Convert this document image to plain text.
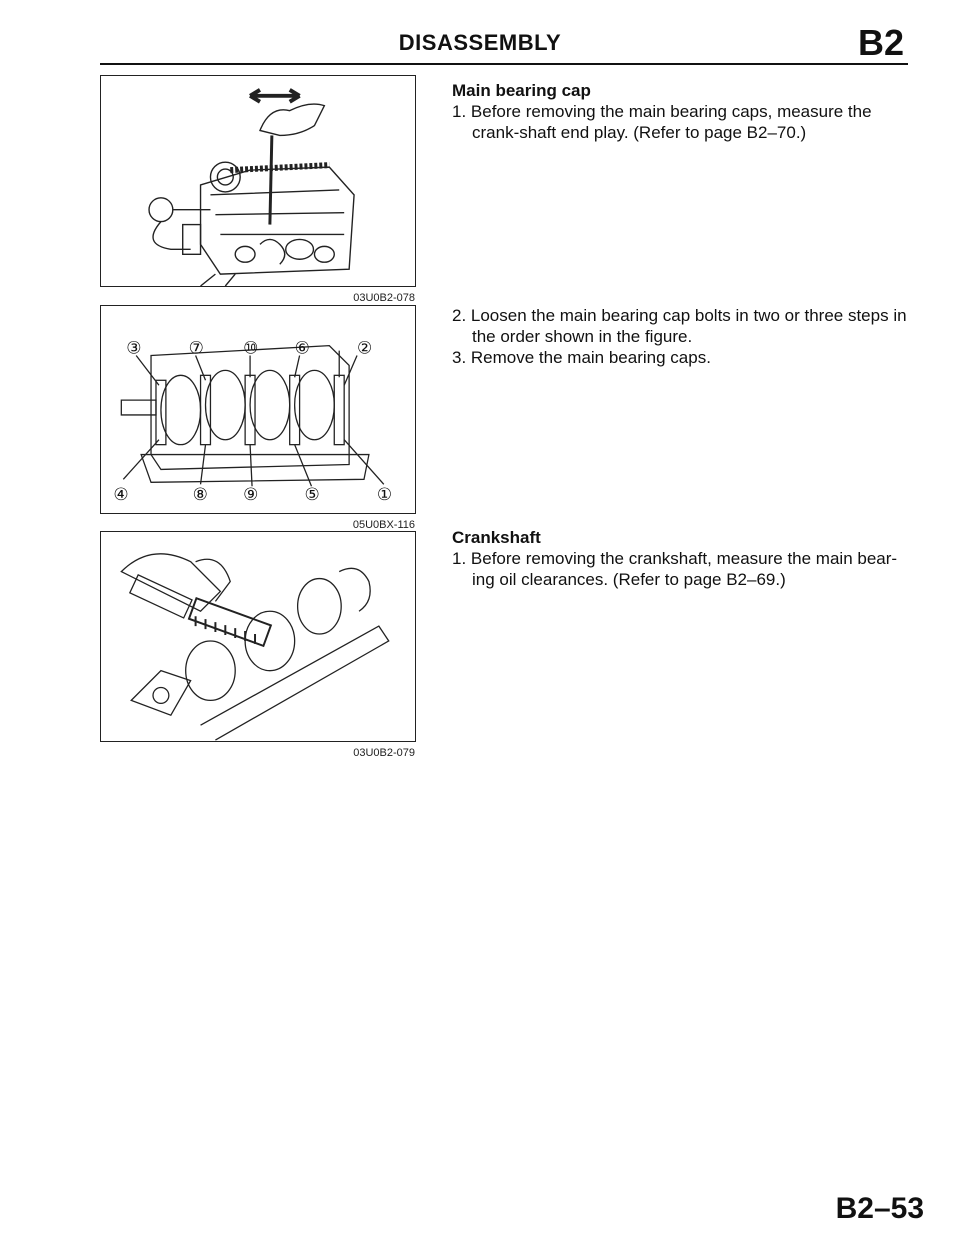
DISASSEMBLY	B2
03U0B2-078
③	⑦ ⑩ ⑥	②
④	⑧ ⑨	⑤	①
05U0BX-116
03U0B2-079
Main bearing cap

1. Before removing the main bearing caps, measure the crank-shaft end play. (Refer to page B2–70.)

2. Loosen the main bearing cap bolts in two or three steps in the order shown in the figure.

3. Remove the main bearing caps.

Crankshaft

1. Before removing the crankshaft, measure the main bear-ing oil clearances. (Refer to page B2–69.)

B2–53
